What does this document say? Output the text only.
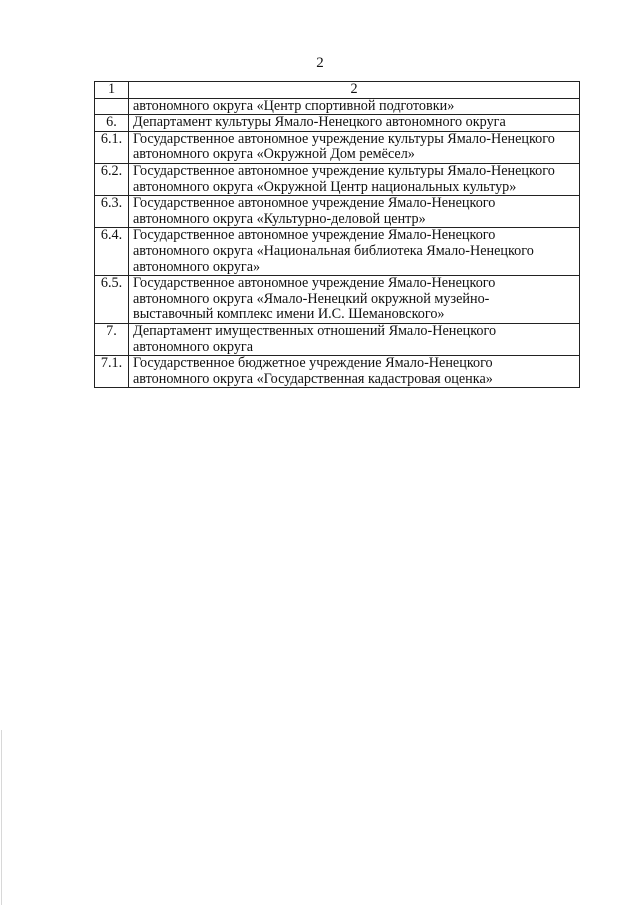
2
1	2
	автономного округа «Центр спортивной подготовки»
6.	Департамент культуры Ямало-Ненецкого автономного округа
6.1.	Государственное автономное учреждение культуры Ямало-Ненецкого
автономного округа «Окружной Дом ремёсел»
6.2.	Государственное автономное учреждение культуры Ямало-Ненецкого
автономного округа «Окружной Центр национальных культур»
6.3.	Государственное автономное учреждение Ямало-Ненецкого
автономного округа «Культурно-деловой центр»
6.4.	Государственное автономное учреждение Ямало-Ненецкого
автономного округа «Национальная библиотека Ямало-Ненецкого
автономного округа»
6.5.	Государственное автономное учреждение Ямало-Ненецкого
автономного округа «Ямало-Ненецкий окружной музейно-
выставочный комплекс имени И.С. Шемановского»
7.	Департамент имущественных отношений Ямало-Ненецкого
автономного округа
7.1.	Государственное бюджетное учреждение Ямало-Ненецкого
автономного округа «Государственная кадастровая оценка»
